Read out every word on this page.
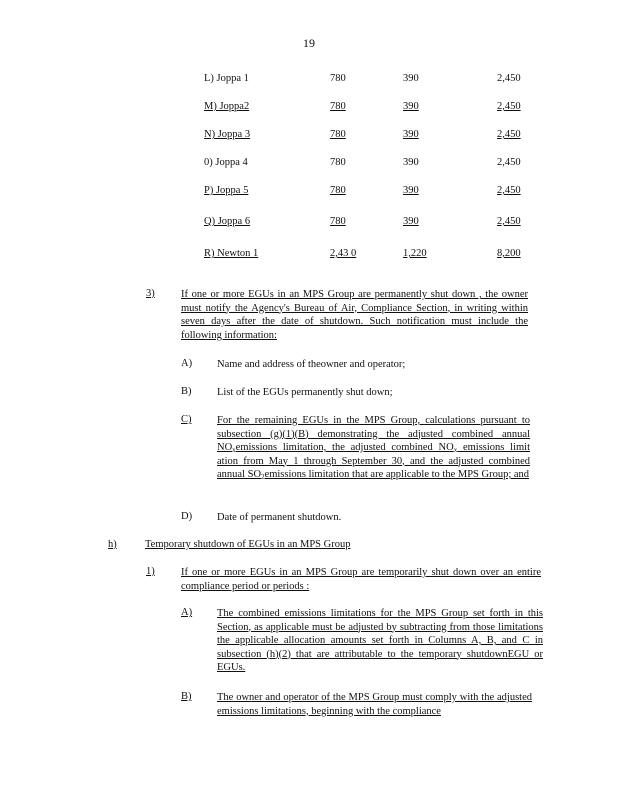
19
L) Joppa 1	780	390	2,450
M) Joppa2	780	390	2,450
N) Joppa 3	780	390	2,450
0) Joppa 4	780	390	2,450
P) Joppa 5	780	390	2,450
Q) Joppa 6	780	390	2,450
R) Newton 1	2,43 0	1,220	8,200
3)	If one or more EGUs in an MPS Group are permanently shut down , the owner must notify the Agency's Bureau of Air, Compliance Section, in writing within seven days after the date of shutdown. Such notification must include the following information:
A) Name and address of theowner and operator;
B) List of the EGUs permanently shut down;
C) For the remaining EGUs in the MPS Group, calculations pursuant to subsection (g)(1)(B) demonstrating the adjusted combined annual $NO_xemissions$ limitation, the adjusted combined $NO_x$ emissions limit ation from May 1 through September 30, and the adjusted combined annual $SO_2emissions$ limitation that are applicable to the MPS Group; and
D) Date of permanent shutdown.
h)	Temporary shutdown of EGUs in an MPS Group
1)	If one or more EGUs in an MPS Group are temporarily shut down over an entire compliance period or periods :
A) The combined emissions limitations for the MPS Group set forth in this Section, as applicable must be adjusted by subtracting from those limitations the applicable allocation amounts set forth in Columns A, B, and C in subsection (h)(2) that are attributable to the temporary shutdownEGU or EGUs.
B) The owner and operator of the MPS Group must comply with the adjusted emissions limitations, beginning with the compliance
